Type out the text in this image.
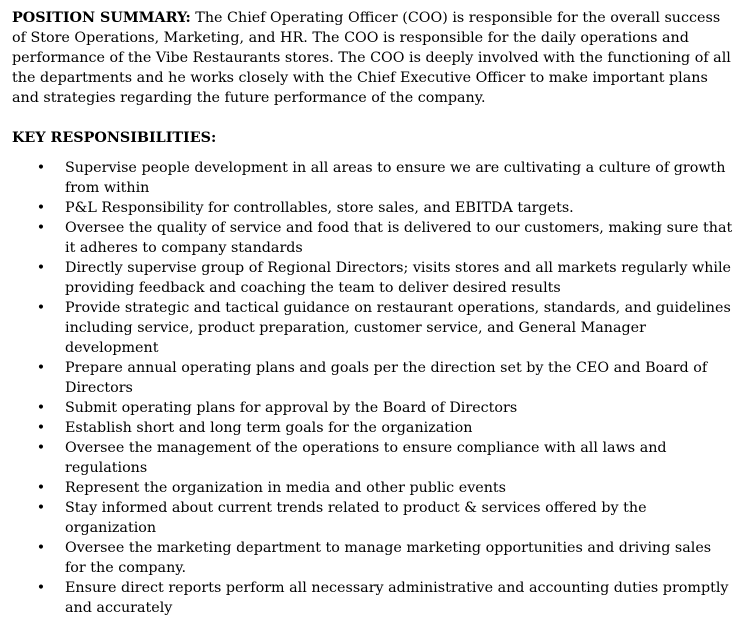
POSITION SUMMARY: The Chief Operating Officer (COO) is responsible for the overall success of Store Operations, Marketing, and HR. The COO is responsible for the daily operations and performance of the Vibe Restaurants stores. The COO is deeply involved with the functioning of all the departments and he works closely with the Chief Executive Officer to make important plans and strategies regarding the future performance of the company.

KEY RESPONSIBILITIES:
• Supervise people development in all areas to ensure we are cultivating a culture of growth from within
• P&L Responsibility for controllables, store sales, and EBITDA targets.
• Oversee the quality of service and food that is delivered to our customers, making sure that it adheres to company standards
• Directly supervise group of Regional Directors; visits stores and all markets regularly while providing feedback and coaching the team to deliver desired results
• Provide strategic and tactical guidance on restaurant operations, standards, and guidelines including service, product preparation, customer service, and General Manager development
• Prepare annual operating plans and goals per the direction set by the CEO and Board of Directors
• Submit operating plans for approval by the Board of Directors
• Establish short and long term goals for the organization
• Oversee the management of the operations to ensure compliance with all laws and regulations
• Represent the organization in media and other public events
• Stay informed about current trends related to product & services offered by the organization
• Oversee the marketing department to manage marketing opportunities and driving sales for the company.
• Ensure direct reports perform all necessary administrative and accounting duties promptly and accurately
